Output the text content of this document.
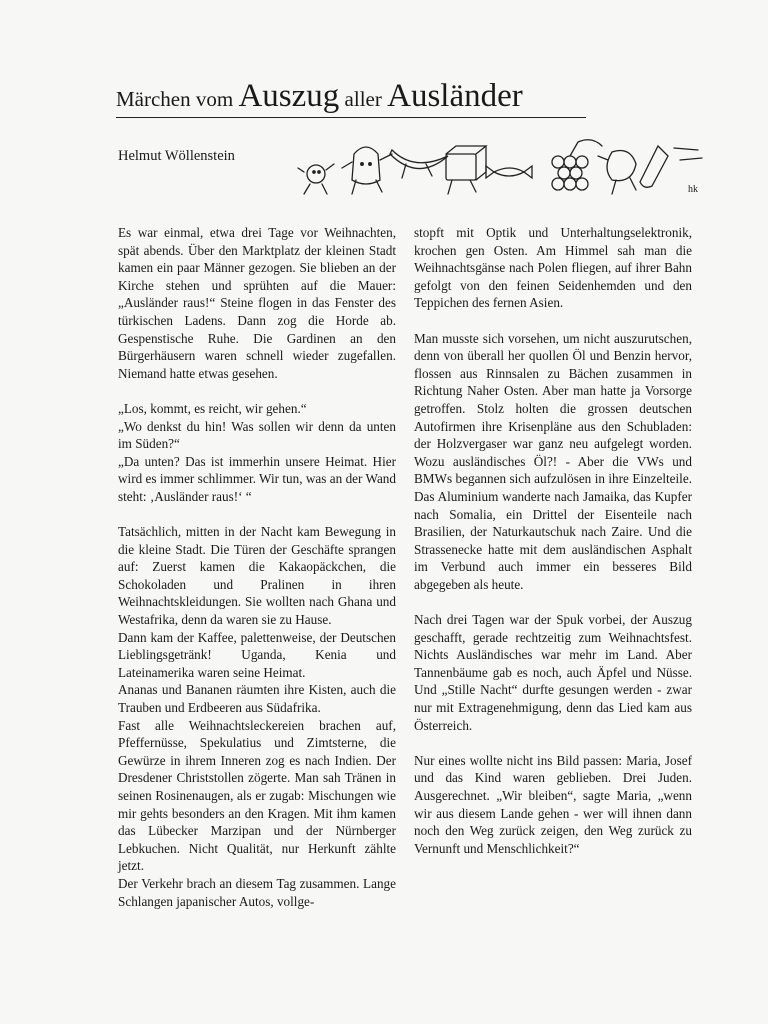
Märchen vom Auszug aller Ausländer
Helmut Wöllenstein
hk

Es war einmal, etwa drei Tage vor Weihnachten, spät abends. Über den Marktplatz der kleinen Stadt kamen ein paar Männer gezogen. Sie blieben an der Kirche stehen und sprühten auf die Mauer: „Ausländer raus!“ Steine flogen in das Fenster des türkischen Ladens. Dann zog die Horde ab. Gespenstische Ruhe. Die Gardinen an den Bürgerhäusern waren schnell wieder zugefallen. Niemand hatte etwas gesehen.

„Los, kommt, es reicht, wir gehen.“

„Wo denkst du hin! Was sollen wir denn da unten im Süden?“

„Da unten? Das ist immerhin unsere Heimat. Hier wird es immer schlimmer. Wir tun, was an der Wand steht: ‚Ausländer raus!‘ “

Tatsächlich, mitten in der Nacht kam Bewegung in die kleine Stadt. Die Türen der Geschäfte sprangen auf: Zuerst kamen die Kakaopäckchen, die Schokoladen und Pralinen in ihren Weihnachtskleidungen. Sie wollten nach Ghana und Westafrika, denn da waren sie zu Hause.

Dann kam der Kaffee, palettenweise, der Deutschen Lieblingsgetränk! Uganda, Kenia und Lateinamerika waren seine Heimat.

Ananas und Bananen räumten ihre Kisten, auch die Trauben und Erdbeeren aus Südafrika.

Fast alle Weihnachtsleckereien brachen auf, Pfeffernüsse, Spekulatius und Zimtsterne, die Gewürze in ihrem Inneren zog es nach Indien. Der Dresdener Christstollen zögerte. Man sah Tränen in seinen Rosinenaugen, als er zugab: Mischungen wie mir gehts besonders an den Kragen. Mit ihm kamen das Lübecker Marzipan und der Nürnberger Lebkuchen. Nicht Qualität, nur Herkunft zählte jetzt.

Der Verkehr brach an diesem Tag zusammen. Lange Schlangen japanischer Autos, vollge-

stopft mit Optik und Unterhaltungselektronik, krochen gen Osten. Am Himmel sah man die Weihnachtsgänse nach Polen fliegen, auf ihrer Bahn gefolgt von den feinen Seidenhemden und den Teppichen des fernen Asien.

Man musste sich vorsehen, um nicht auszurutschen, denn von überall her quollen Öl und Benzin hervor, flossen aus Rinnsalen zu Bächen zusammen in Richtung Naher Osten. Aber man hatte ja Vorsorge getroffen. Stolz holten die grossen deutschen Autofirmen ihre Krisenpläne aus den Schubladen: der Holzvergaser war ganz neu aufgelegt worden. Wozu ausländisches Öl?! - Aber die VWs und BMWs begannen sich aufzulösen in ihre Einzelteile. Das Aluminium wanderte nach Jamaika, das Kupfer nach Somalia, ein Drittel der Eisenteile nach Brasilien, der Naturkautschuk nach Zaire. Und die Strassenecke hatte mit dem ausländischen Asphalt im Verbund auch immer ein besseres Bild abgegeben als heute.

Nach drei Tagen war der Spuk vorbei, der Auszug geschafft, gerade rechtzeitig zum Weihnachtsfest. Nichts Ausländisches war mehr im Land. Aber Tannenbäume gab es noch, auch Äpfel und Nüsse. Und „Stille Nacht“ durfte gesungen werden - zwar nur mit Extragenehmigung, denn das Lied kam aus Österreich.

Nur eines wollte nicht ins Bild passen: Maria, Josef und das Kind waren geblieben. Drei Juden. Ausgerechnet. „Wir bleiben“, sagte Maria, „wenn wir aus diesem Lande gehen - wer will ihnen dann noch den Weg zurück zeigen, den Weg zurück zu Vernunft und Menschlichkeit?“
